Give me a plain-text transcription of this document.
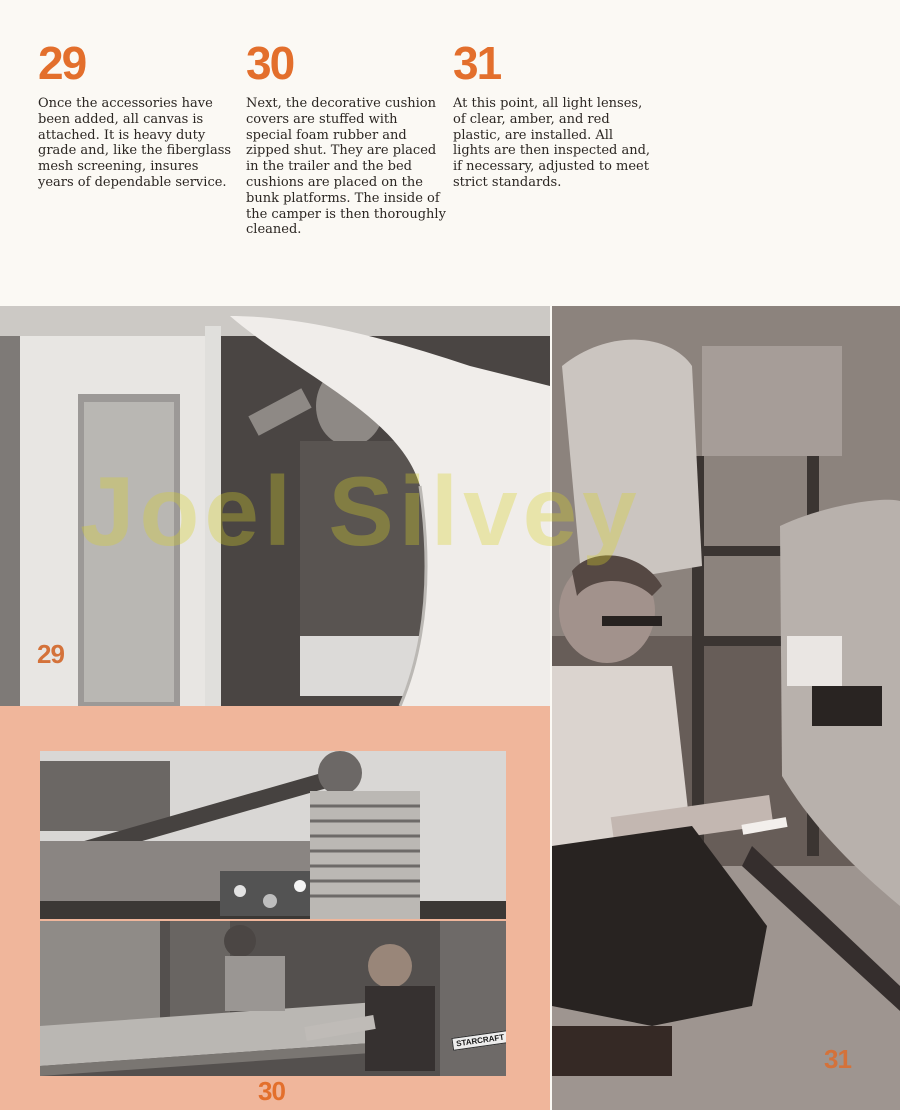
29
Once the accessories have been added, all canvas is attached. It is heavy duty grade and, like the fiberglass mesh screening, insures years of dependable service.
30
Next, the decorative cushion covers are stuffed with special foam rubber and zipped shut. They are placed in the trailer and the bed cushions are placed on the bunk platforms. The inside of the camper is then thoroughly cleaned.
31
At this point, all light lenses, of clear, amber, and red plastic, are installed. All lights are then inspected and, if necessary, adjusted to meet strict standards.
29
STARCRAFT
30
31
Joel Silvey
